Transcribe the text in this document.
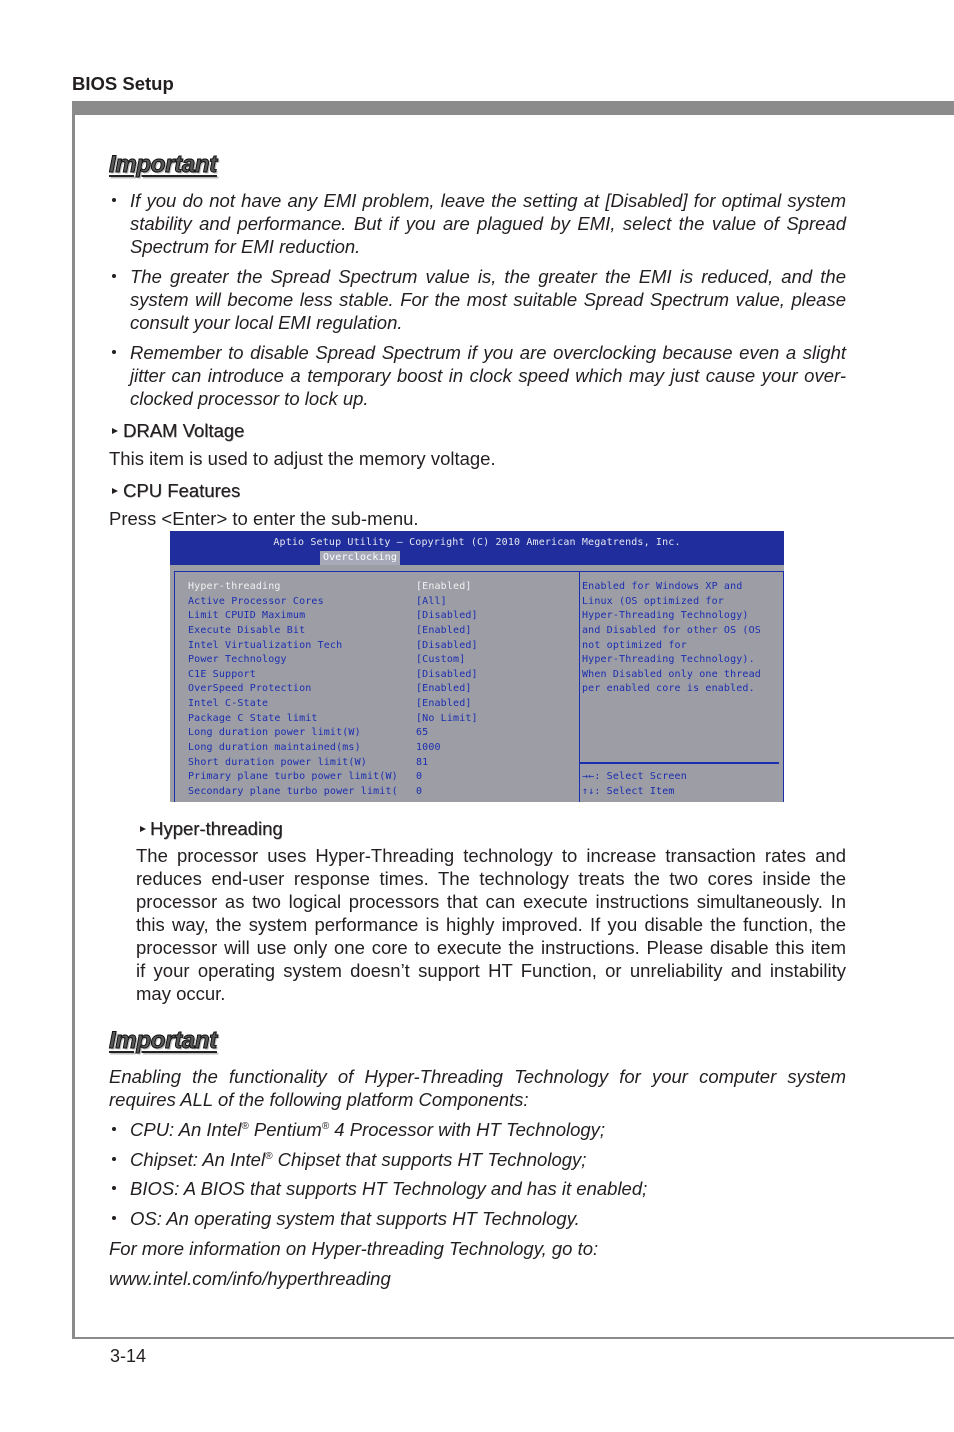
BIOS Setup
Important
If you do not have any EMI problem, leave the setting at [Disabled] for optimal system
stability and performance. But if you are plagued by EMI, select the value of Spread
Spectrum for EMI reduction.
The greater the Spread Spectrum value is, the greater the EMI is reduced, and the
system will become less stable. For the most suitable Spread Spectrum value, please
consult your local EMI regulation.
Remember to disable Spread Spectrum if you are overclocking because even a slight
jitter can introduce a temporary boost in clock speed which may just cause your over-
clocked processor to lock up.
DRAM Voltage
This item is used to adjust the memory voltage.
CPU Features
Press <Enter> to enter the sub-menu.
Aptio Setup Utility – Copyright (C) 2010 American Megatrends, Inc.
Overclocking
Hyper-threading	[Enabled]
Active Processor Cores	[All]
Limit CPUID Maximum	[Disabled]
Execute Disable Bit	[Enabled]
Intel Virtualization Tech	[Disabled]
Power Technology	[Custom]
C1E Support	[Disabled]
OverSpeed Protection	[Enabled]
Intel C-State	[Enabled]
Package C State limit	[No Limit]
Long duration power limit(W)	65
Long duration maintained(ms)	1000
Short duration power limit(W)	81
Primary plane turbo power limit(W) 0
Secondary plane turbo power limit( 0
Enabled for Windows XP and
Linux (OS optimized for
Hyper-Threading Technology)
and Disabled for other OS (OS
not optimized for
Hyper-Threading Technology).
When Disabled only one thread
per enabled core is enabled.
→←: Select Screen
↑↓: Select Item
Hyper-threading
The processor uses Hyper-Threading technology to increase transaction rates and
reduces end-user response times. The technology treats the two cores inside the
processor as two logical processors that can execute instructions simultaneously. In
this way, the system performance is highly improved. If you disable the function, the
processor will use only one core to execute the instructions. Please disable this item
if your operating system doesn’t support HT Function, or unreliability and instability
may occur.
Important
Enabling the functionality of Hyper-Threading Technology for your computer system
requires ALL of the following platform Components:
CPU: An Intel® Pentium® 4 Processor with HT Technology;
Chipset: An Intel® Chipset that supports HT Technology;
BIOS: A BIOS that supports HT Technology and has it enabled;
OS: An operating system that supports HT Technology.
For more information on Hyper-threading Technology, go to:
www.intel.com/info/hyperthreading
3-14
